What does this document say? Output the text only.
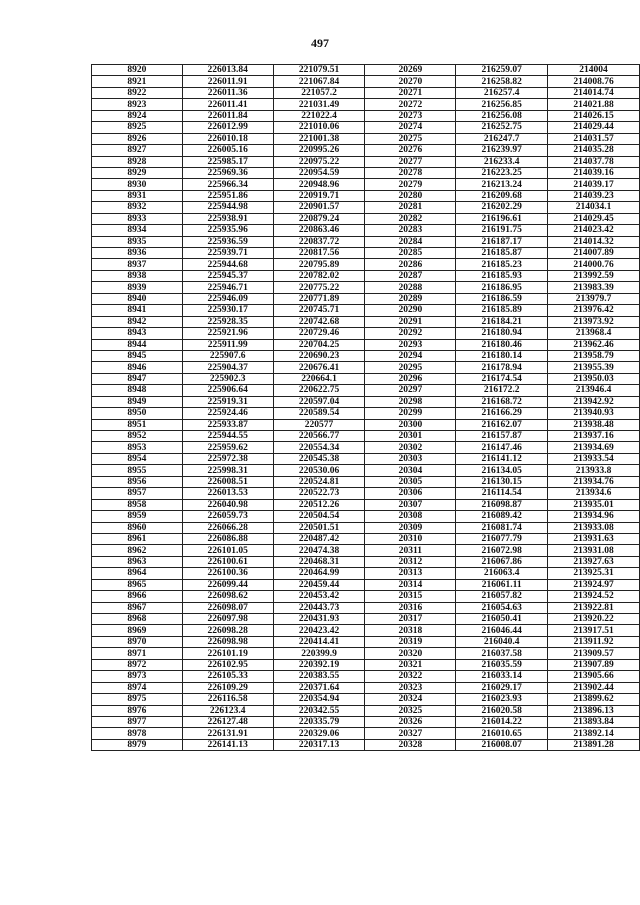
497
8920	226013.84	221079.51	20269	216259.07	214004
8921	226011.91	221067.84	20270	216258.82	214008.76
8922	226011.36	221057.2	20271	216257.4	214014.74
8923	226011.41	221031.49	20272	216256.85	214021.88
8924	226011.84	221022.4	20273	216256.08	214026.15
8925	226012.99	221010.06	20274	216252.75	214029.44
8926	226010.18	221001.38	20275	216247.7	214031.57
8927	226005.16	220995.26	20276	216239.97	214035.28
8928	225985.17	220975.22	20277	216233.4	214037.78
8929	225969.36	220954.59	20278	216223.25	214039.16
8930	225966.34	220948.96	20279	216213.24	214039.17
8931	225951.86	220919.71	20280	216209.68	214039.23
8932	225944.98	220901.57	20281	216202.29	214034.1
8933	225938.91	220879.24	20282	216196.61	214029.45
8934	225935.96	220863.46	20283	216191.75	214023.42
8935	225936.59	220837.72	20284	216187.17	214014.32
8936	225939.71	220817.56	20285	216185.87	214007.89
8937	225944.68	220795.89	20286	216185.23	214000.76
8938	225945.37	220782.02	20287	216185.93	213992.59
8939	225946.71	220775.22	20288	216186.95	213983.39
8940	225946.09	220771.89	20289	216186.59	213979.7
8941	225930.17	220745.71	20290	216185.89	213976.42
8942	225928.35	220742.68	20291	216184.21	213973.92
8943	225921.96	220729.46	20292	216180.94	213968.4
8944	225911.99	220704.25	20293	216180.46	213962.46
8945	225907.6	220690.23	20294	216180.14	213958.79
8946	225904.37	220676.41	20295	216178.94	213955.39
8947	225902.3	220664.1	20296	216174.54	213950.03
8948	225906.64	220622.75	20297	216172.2	213946.4
8949	225919.31	220597.04	20298	216168.72	213942.92
8950	225924.46	220589.54	20299	216166.29	213940.93
8951	225933.87	220577	20300	216162.07	213938.48
8952	225944.55	220566.77	20301	216157.87	213937.16
8953	225959.62	220554.34	20302	216147.46	213934.69
8954	225972.38	220545.38	20303	216141.12	213933.54
8955	225998.31	220530.06	20304	216134.05	213933.8
8956	226008.51	220524.81	20305	216130.15	213934.76
8957	226013.53	220522.73	20306	216114.54	213934.6
8958	226040.98	220512.26	20307	216098.87	213935.01
8959	226059.73	220504.54	20308	216089.42	213934.96
8960	226066.28	220501.51	20309	216081.74	213933.08
8961	226086.88	220487.42	20310	216077.79	213931.63
8962	226101.05	220474.38	20311	216072.98	213931.08
8963	226100.61	220468.31	20312	216067.86	213927.63
8964	226100.36	220464.99	20313	216063.4	213925.31
8965	226099.44	220459.44	20314	216061.11	213924.97
8966	226098.62	220453.42	20315	216057.82	213924.52
8967	226098.07	220443.73	20316	216054.63	213922.81
8968	226097.98	220431.93	20317	216050.41	213920.22
8969	226098.28	220423.42	20318	216046.44	213917.51
8970	226098.98	220414.41	20319	216040.4	213911.92
8971	226101.19	220399.9	20320	216037.58	213909.57
8972	226102.95	220392.19	20321	216035.59	213907.89
8973	226105.33	220383.55	20322	216033.14	213905.66
8974	226109.29	220371.64	20323	216029.17	213902.44
8975	226116.58	220354.94	20324	216023.93	213899.62
8976	226123.4	220342.55	20325	216020.58	213896.13
8977	226127.48	220335.79	20326	216014.22	213893.84
8978	226131.91	220329.06	20327	216010.65	213892.14
8979	226141.13	220317.13	20328	216008.07	213891.28
